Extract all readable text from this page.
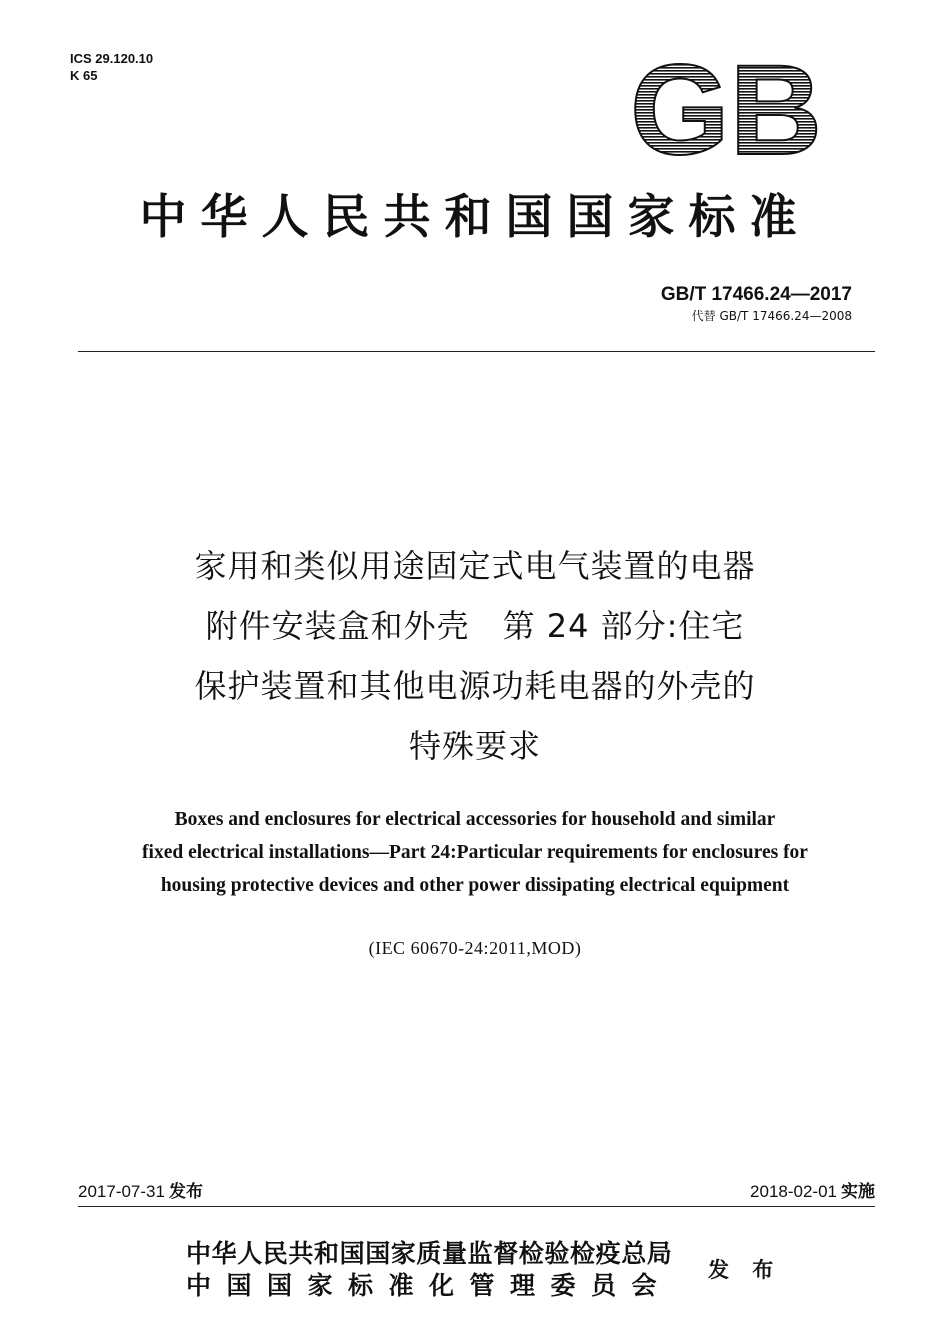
ICS 29.120.10
K 65	GB
中华人民共和国国家标准
GB/T 17466.24—2017
代替 GB/T 17466.24—2008
家用和类似用途固定式电气装置的电器
附件安装盒和外壳　第 24 部分:住宅
保护装置和其他电源功耗电器的外壳的
特殊要求
Boxes and enclosures for electrical accessories for household and similar
fixed electrical installations—Part 24:Particular requirements for enclosures for
housing protective devices and other power dissipating electrical equipment
(IEC 60670-24:2011,MOD)
2017-07-31 发布	2018-02-01 实施
中华人民共和国国家质量监督检验检疫总局
中国国家标准化管理委员会
发 布
